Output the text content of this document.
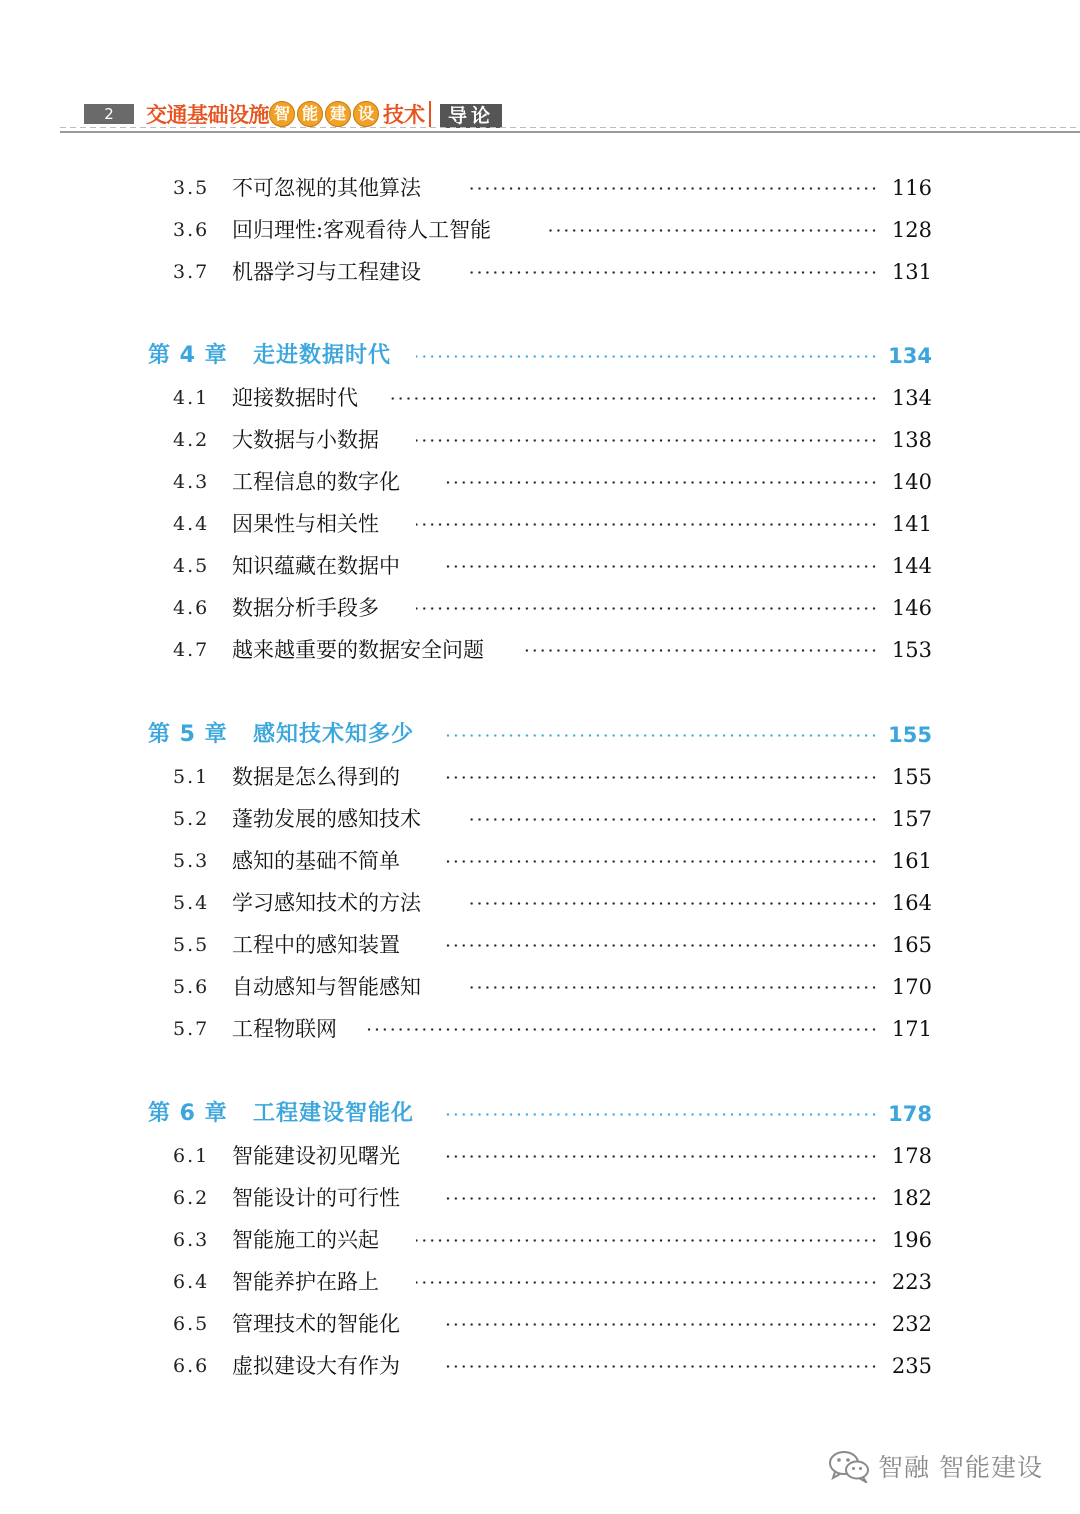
2	交通基础设施 智 能 建 设 技术	导论
3.5 不可忽视的其他算法	116
3.6 回归理性:客观看待人工智能	128
3.7 机器学习与工程建设	131
第 4 章 走进数据时代	134
4.1 迎接数据时代	134
4.2 大数据与小数据	138
4.3 工程信息的数字化	140
4.4 因果性与相关性	141
4.5 知识蕴藏在数据中	144
4.6 数据分析手段多	146
4.7 越来越重要的数据安全问题	153
第 5 章 感知技术知多少	155
5.1 数据是怎么得到的	155
5.2 蓬勃发展的感知技术	157
5.3 感知的基础不简单	161
5.4 学习感知技术的方法	164
5.5 工程中的感知装置	165
5.6 自动感知与智能感知	170
5.7 工程物联网	171
第 6 章 工程建设智能化	178
6.1 智能建设初见曙光	178
6.2 智能设计的可行性	182
6.3 智能施工的兴起	196
6.4 智能养护在路上	223
6.5 管理技术的智能化	232
6.6 虚拟建设大有作为	235
智融 智能建设
